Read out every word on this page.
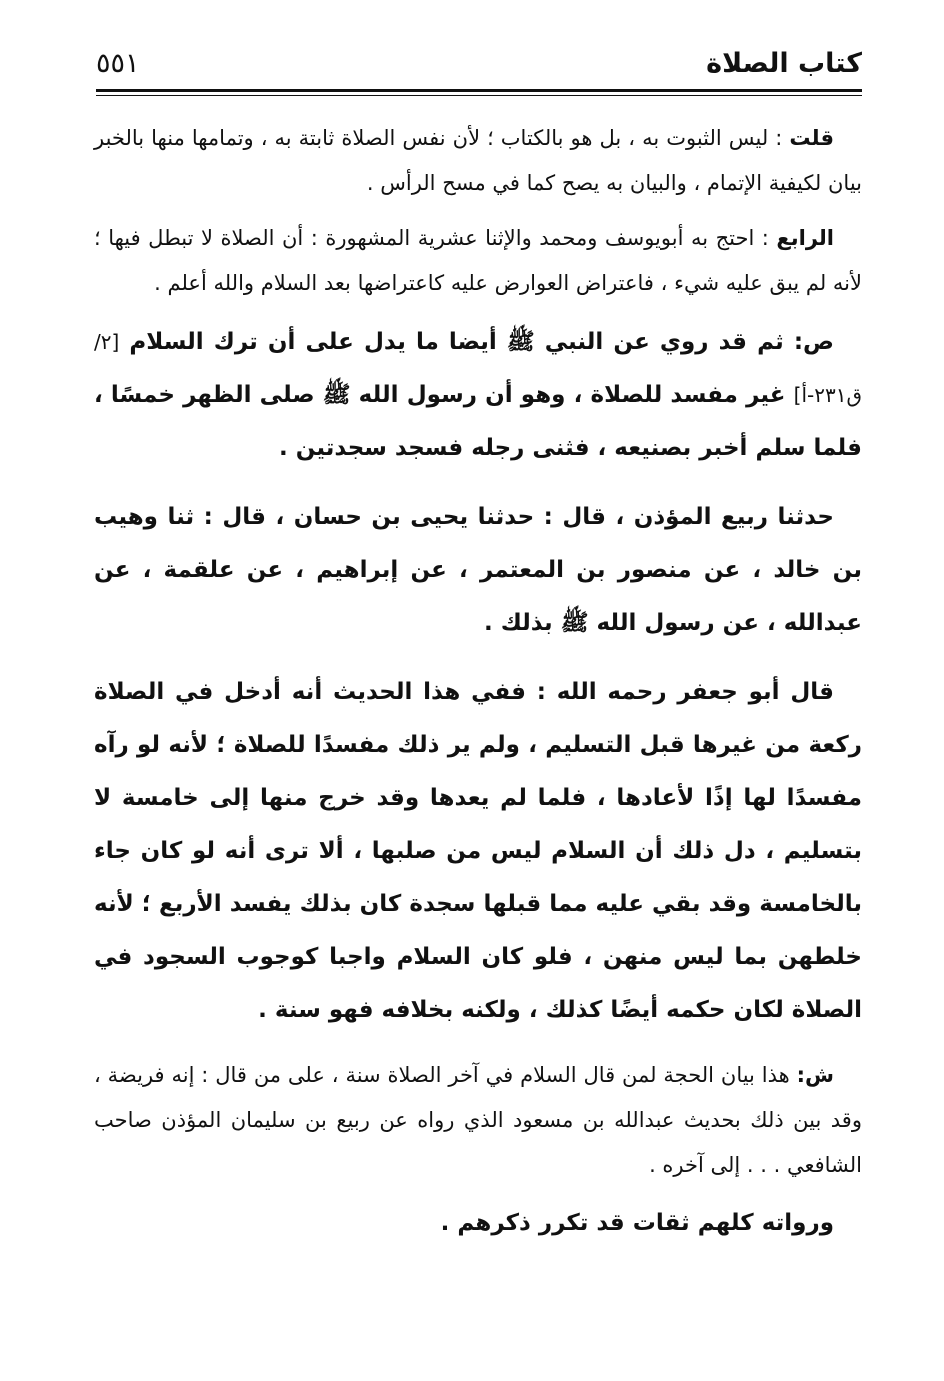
كتاب الصلاة
٥٥١

قلت : ليس الثبوت به ، بل هو بالكتاب ؛ لأن نفس الصلاة ثابتة به ، وتمامها منها بالخبر بيان لكيفية الإتمام ، والبيان به يصح كما في مسح الرأس .

الرابع : احتج به أبويوسف ومحمد والإثنا عشرية المشهورة : أن الصلاة لا تبطل فيها ؛ لأنه لم يبق عليه شيء ، فاعتراض العوارض عليه كاعتراضها بعد السلام والله أعلم .

ص: ثم قد روي عن النبي ﷺ أيضا ما يدل على أن ترك السلام [٢/ق٢٣١-أ] غير مفسد للصلاة ، وهو أن رسول الله ﷺ صلى الظهر خمسًا ، فلما سلم أخبر بصنيعه ، فثنى رجله فسجد سجدتين .

حدثنا ربيع المؤذن ، قال : حدثنا يحيى بن حسان ، قال : ثنا وهيب بن خالد ، عن منصور بن المعتمر ، عن إبراهيم ، عن علقمة ، عن عبدالله ، عن رسول الله ﷺ بذلك .

قال أبو جعفر رحمه الله : ففي هذا الحديث أنه أدخل في الصلاة ركعة من غيرها قبل التسليم ، ولم ير ذلك مفسدًا للصلاة ؛ لأنه لو رآه مفسدًا لها إذًا لأعادها ، فلما لم يعدها وقد خرج منها إلى خامسة لا بتسليم ، دل ذلك أن السلام ليس من صلبها ، ألا ترى أنه لو كان جاء بالخامسة وقد بقي عليه مما قبلها سجدة كان بذلك يفسد الأربع ؛ لأنه خلطهن بما ليس منهن ، فلو كان السلام واجبا كوجوب السجود في الصلاة لكان حكمه أيضًا كذلك ، ولكنه بخلافه فهو سنة .

ش: هذا بيان الحجة لمن قال السلام في آخر الصلاة سنة ، على من قال : إنه فريضة ، وقد بين ذلك بحديث عبدالله بن مسعود الذي رواه عن ربيع بن سليمان المؤذن صاحب الشافعي . . . إلى آخره .

ورواته كلهم ثقات قد تكرر ذكرهم .
